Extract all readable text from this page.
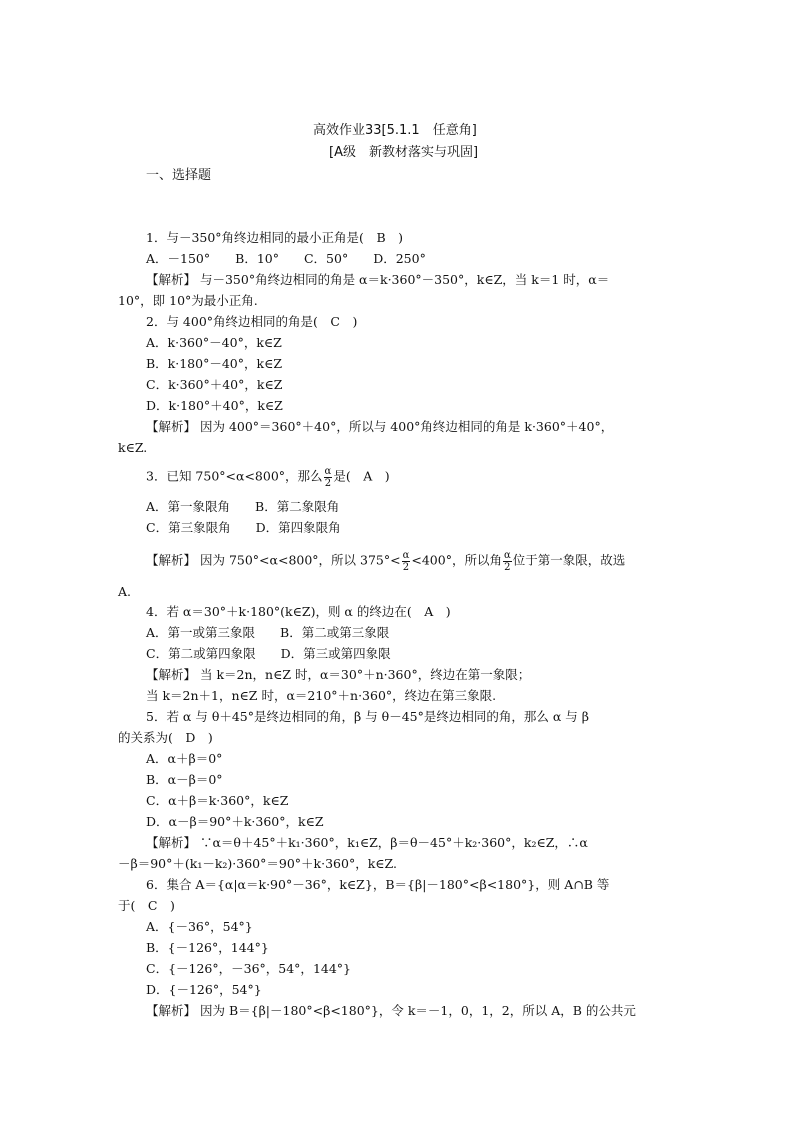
高效作业33[5.1.1　任意角]
[A级　新教材落实与巩固]
一、选择题
1．与－350°角终边相同的最小正角是(　B　)
A．－150°　　B．10°　　C．50°　　D．250°
【解析】 与－350°角终边相同的角是 α＝k·360°－350°，k∈Z，当 k＝1 时，α＝
10°，即 10°为最小正角.
2．与 400°角终边相同的角是(　C　)
A．k·360°－40°，k∈Z
B．k·180°－40°，k∈Z
C．k·360°＋40°，k∈Z
D．k·180°＋40°，k∈Z
【解析】 因为 400°＝360°＋40°，所以与 400°角终边相同的角是 k·360°＋40°，
k∈Z.
3．已知 750°<α<800°，那么 $\frac{\alpha}{2}$ 是(　A　)
A．第一象限角　　B．第二象限角
C．第三象限角　　D．第四象限角
【解析】 因为 750°<α<800°，所以 $375^\circ< \frac{\alpha}{2} <400^\circ$，所以角 $\frac{\alpha}{2}$ 位于第一象限，故选
A.
4．若 α＝30°＋k·180°(k∈Z)，则 α 的终边在(　A　)
A．第一或第三象限　　B．第二或第三象限
C．第二或第四象限　　D．第三或第四象限
【解析】 当 k＝2n，n∈Z 时，α＝30°＋n·360°，终边在第一象限；
当 k＝2n＋1，n∈Z 时，α＝210°＋n·360°，终边在第三象限.
5．若 α 与 θ＋45°是终边相同的角，β 与 θ－45°是终边相同的角，那么 α 与 β
的关系为(　D　)
A．α＋β＝0°
B．α－β＝0°
C．α＋β＝k·360°，k∈Z
D．α－β＝90°＋k·360°，k∈Z
【解析】 ∵α＝θ＋45°＋k₁·360°，k₁∈Z，β＝θ－45°＋k₂·360°，k₂∈Z，∴α
－β＝90°＋(k₁－k₂)·360°＝90°＋k·360°，k∈Z.
6．集合 A＝{α|α＝k·90°－36°，k∈Z}，B＝{β|－180°<β<180°}，则 A∩B 等
于(　C　)
A．{－36°，54°}
B．{－126°，144°}
C．{－126°，－36°，54°，144°}
D．{－126°，54°}
【解析】 因为 B＝{β|－180°<β<180°}，令 k＝－1，0，1，2，所以 A，B 的公共元
